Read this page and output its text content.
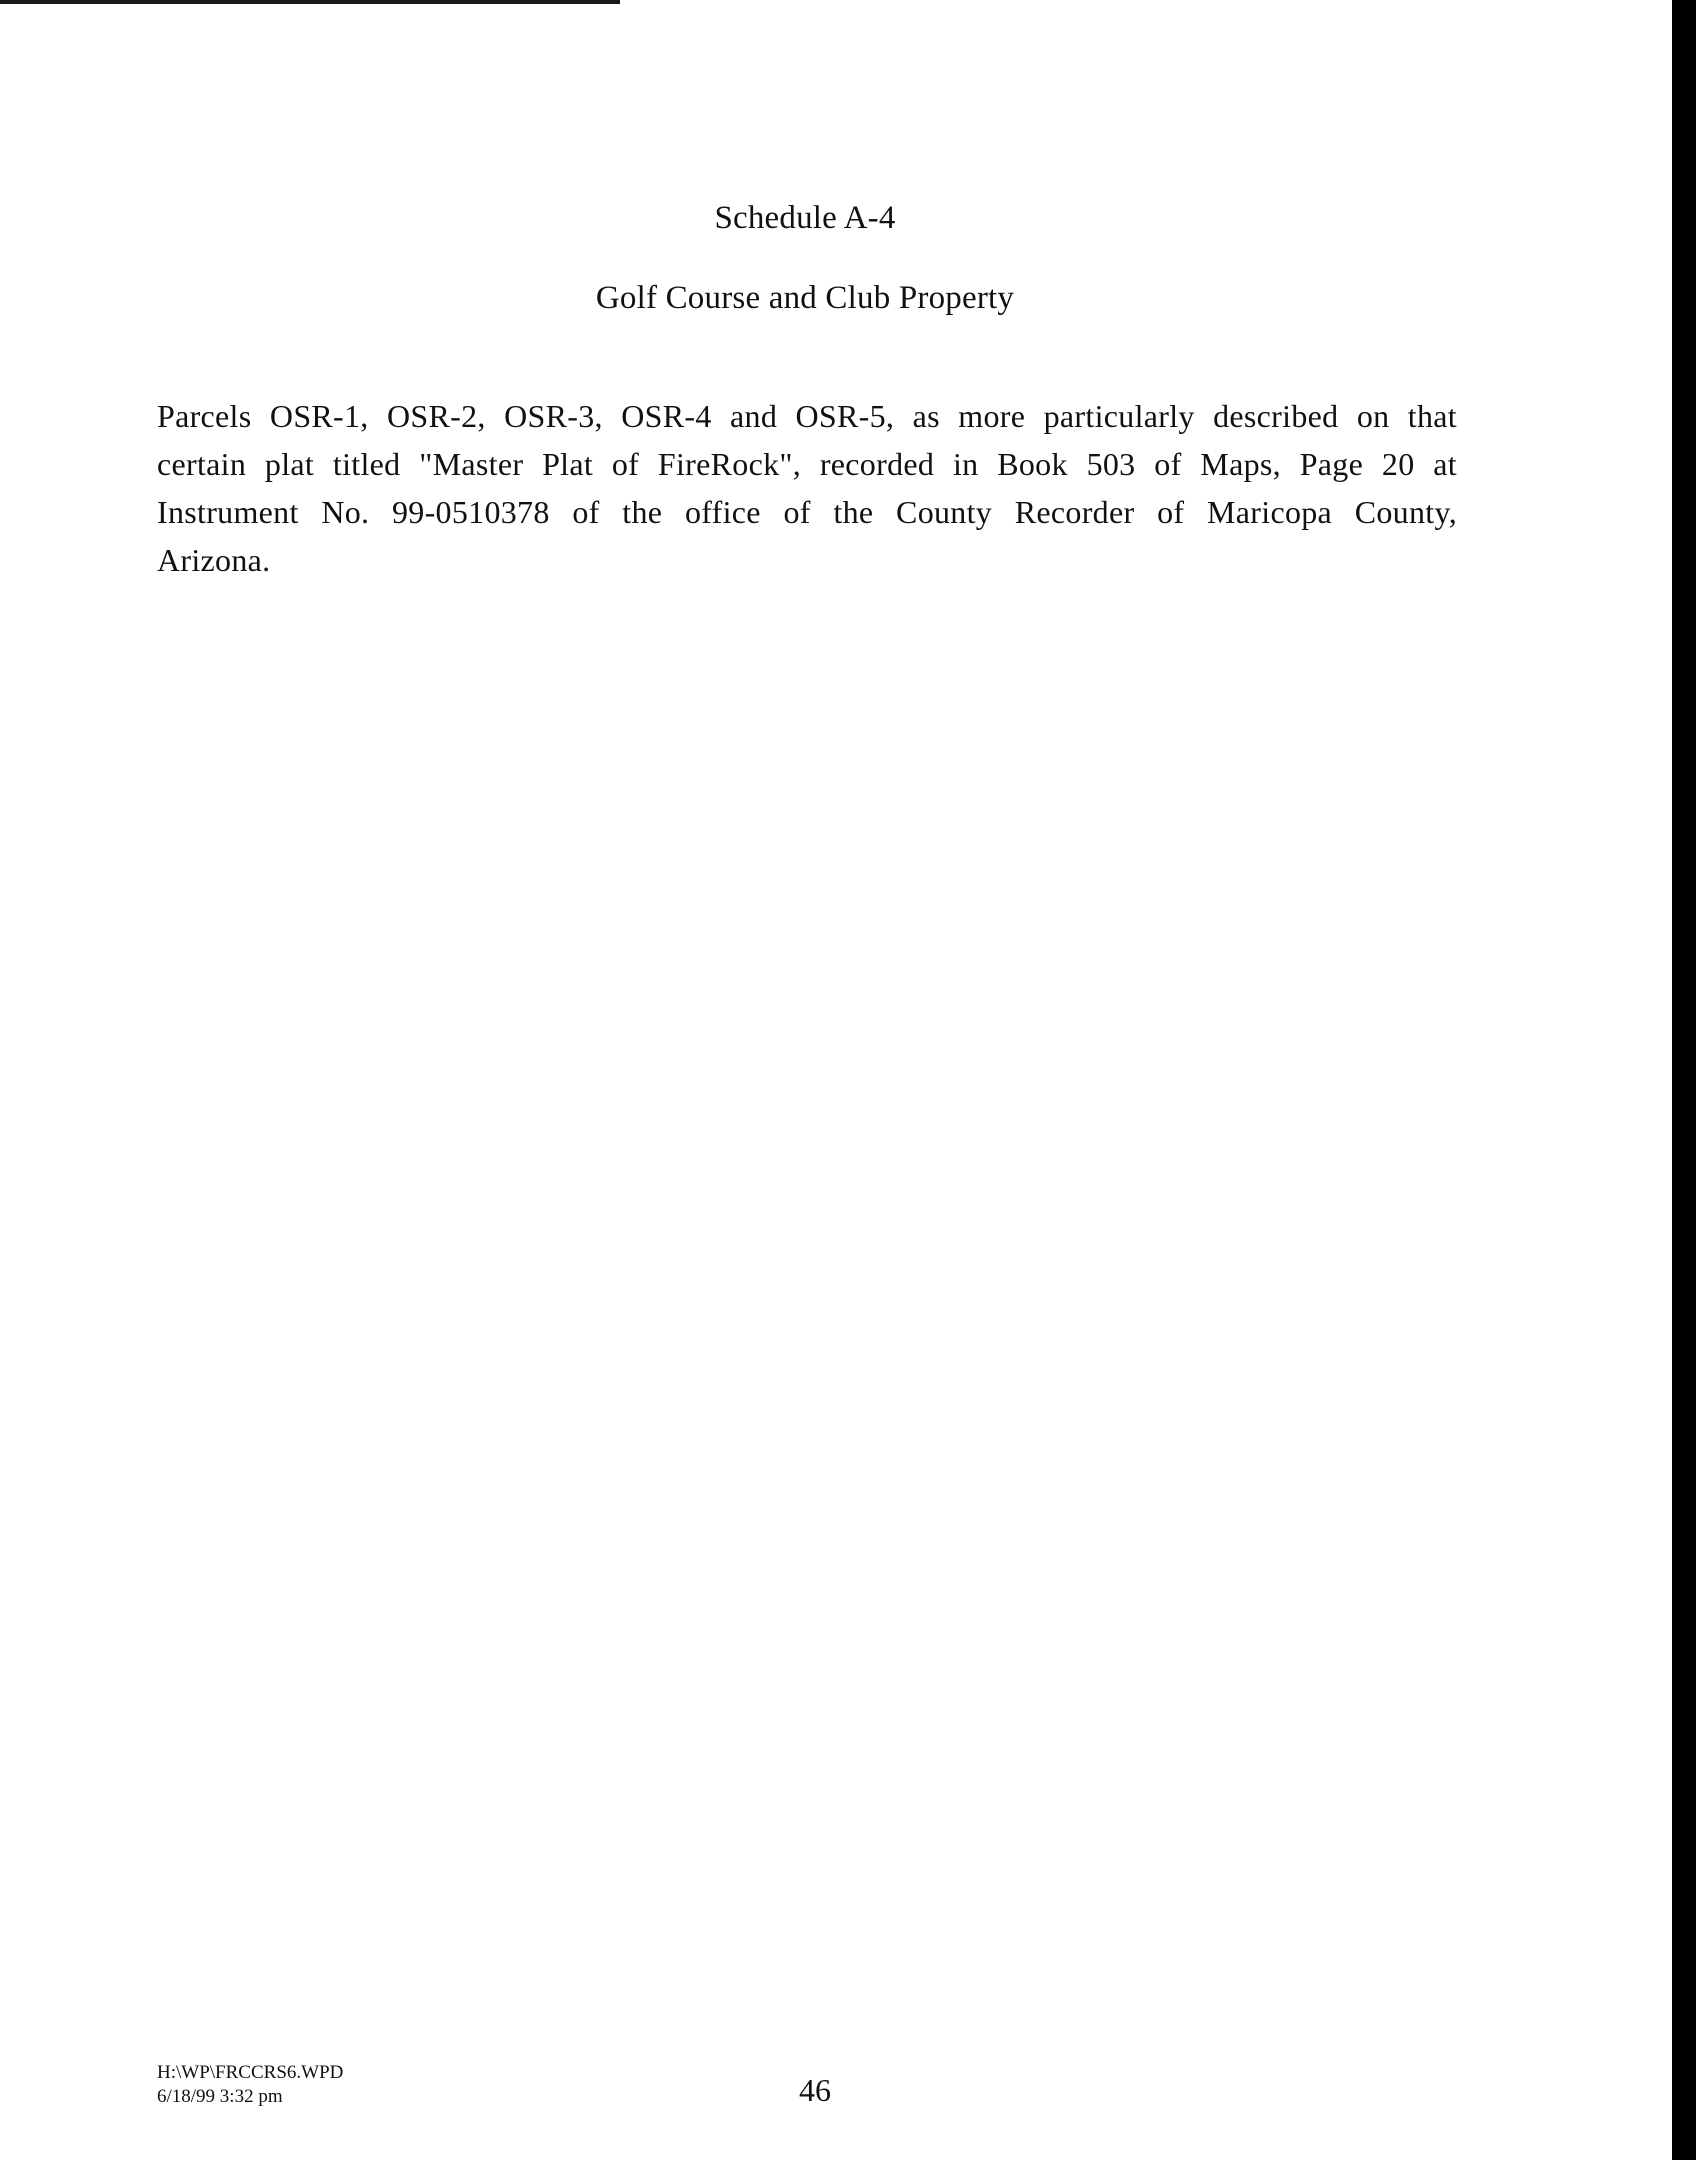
Schedule A-4
Golf Course and Club Property
Parcels OSR-1, OSR-2, OSR-3, OSR-4 and OSR-5, as more particularly described on that
certain plat titled "Master Plat of FireRock", recorded in Book 503 of Maps, Page 20 at
Instrument No. 99-0510378 of the office of the County Recorder of Maricopa County,
Arizona.
H:\WP\FRCCRS6.WPD
6/18/99 3:32 pm	46
